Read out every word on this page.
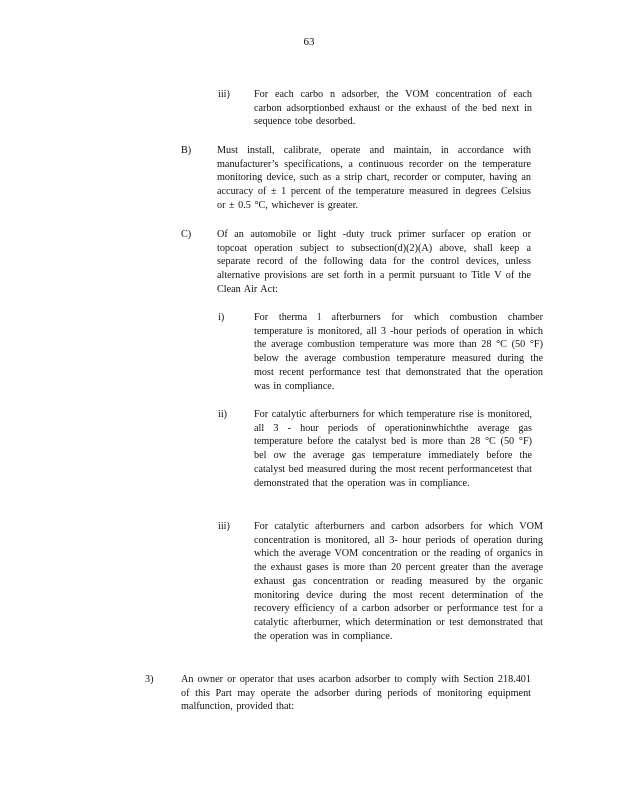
63
iii) For each carbo n adsorber, the VOM concentration of each carbon adsorptionbed exhaust or the exhaust of the bed next in sequence tobe desorbed.
B)	Must install, calibrate, operate and maintain, in accordance with manufacturer’s specifications, a continuous recorder on the temperature monitoring device, such as a strip chart, recorder or computer, having an accuracy of ± 1 percent of the temperature measured in degrees Celsius or ± 0.5 °C, whichever is greater.
C)	Of an automobile or light -duty truck primer surfacer op eration or topcoat operation subject to subsection(d)(2)(A) above, shall keep a separate record of the following data for the control devices, unless alternative provisions are set forth in a permit pursuant to Title V of the Clean Air Act:
i)	For therma l afterburners for which combustion chamber temperature is monitored, all 3 -hour periods of operation in which the average combustion temperature was more than 28 °C (50 °F) below the average combustion temperature measured during the most recent performance test that demonstrated that the operation was in compliance.
ii)	For catalytic afterburners for which temperature rise is monitored, all 3 - hour periods of operationinwhichthe average gas temperature before the catalyst bed is more than 28 °C (50 °F) bel ow the average gas temperature immediately before the catalyst bed measured during the most recent performancetest that demonstrated that the operation was in compliance.
iii) For catalytic afterburners and carbon adsorbers for which VOM concentration is monitored, all 3- hour periods of operation during which the average VOM concentration or the reading of organics in the exhaust gases is more than 20 percent greater than the average exhaust gas concentration or reading measured by the organic monitoring device during the most recent determination of the recovery efficiency of a carbon adsorber or performance test for a catalytic afterburner, which determination or test demonstrated that the operation was in compliance.
3)	An owner or operator that uses acarbon adsorber to comply with Section 218.401 of this Part may operate the adsorber during periods of monitoring equipment malfunction, provided that:
